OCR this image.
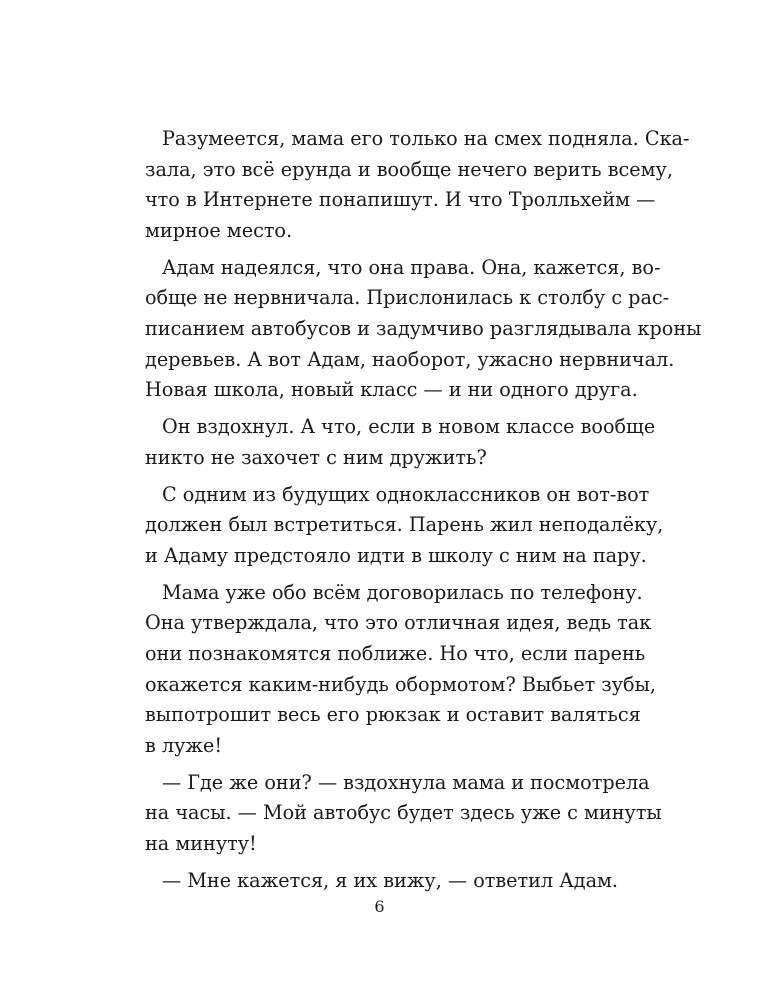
Разумеется, мама его только на смех подняла. Ска-
зала, это всё ерунда и вообще нечего верить всему,
что в Интернете понапишут. И что Тролльхейм —
мирное место.

Адам надеялся, что она права. Она, кажется, во-
обще не нервничала. Прислонилась к столбу с рас-
писанием автобусов и задумчиво разглядывала кроны
деревьев. А вот Адам, наоборот, ужасно нервничал.
Новая школа, новый класс — и ни одного друга.

Он вздохнул. А что, если в новом классе вообще
никто не захочет с ним дружить?

С одним из будущих одноклассников он вот-вот
должен был встретиться. Парень жил неподалёку,
и Адаму предстояло идти в школу с ним на пару.

Мама уже обо всём договорилась по телефону.
Она утверждала, что это отличная идея, ведь так
они познакомятся поближе. Но что, если парень
окажется каким-нибудь обормотом? Выбьет зубы,
выпотрошит весь его рюкзак и оставит валяться
в луже!

— Где же они? — вздохнула мама и посмотрела
на часы. — Мой автобус будет здесь уже с минуты
на минуту!

— Мне кажется, я их вижу, — ответил Адам.

6
